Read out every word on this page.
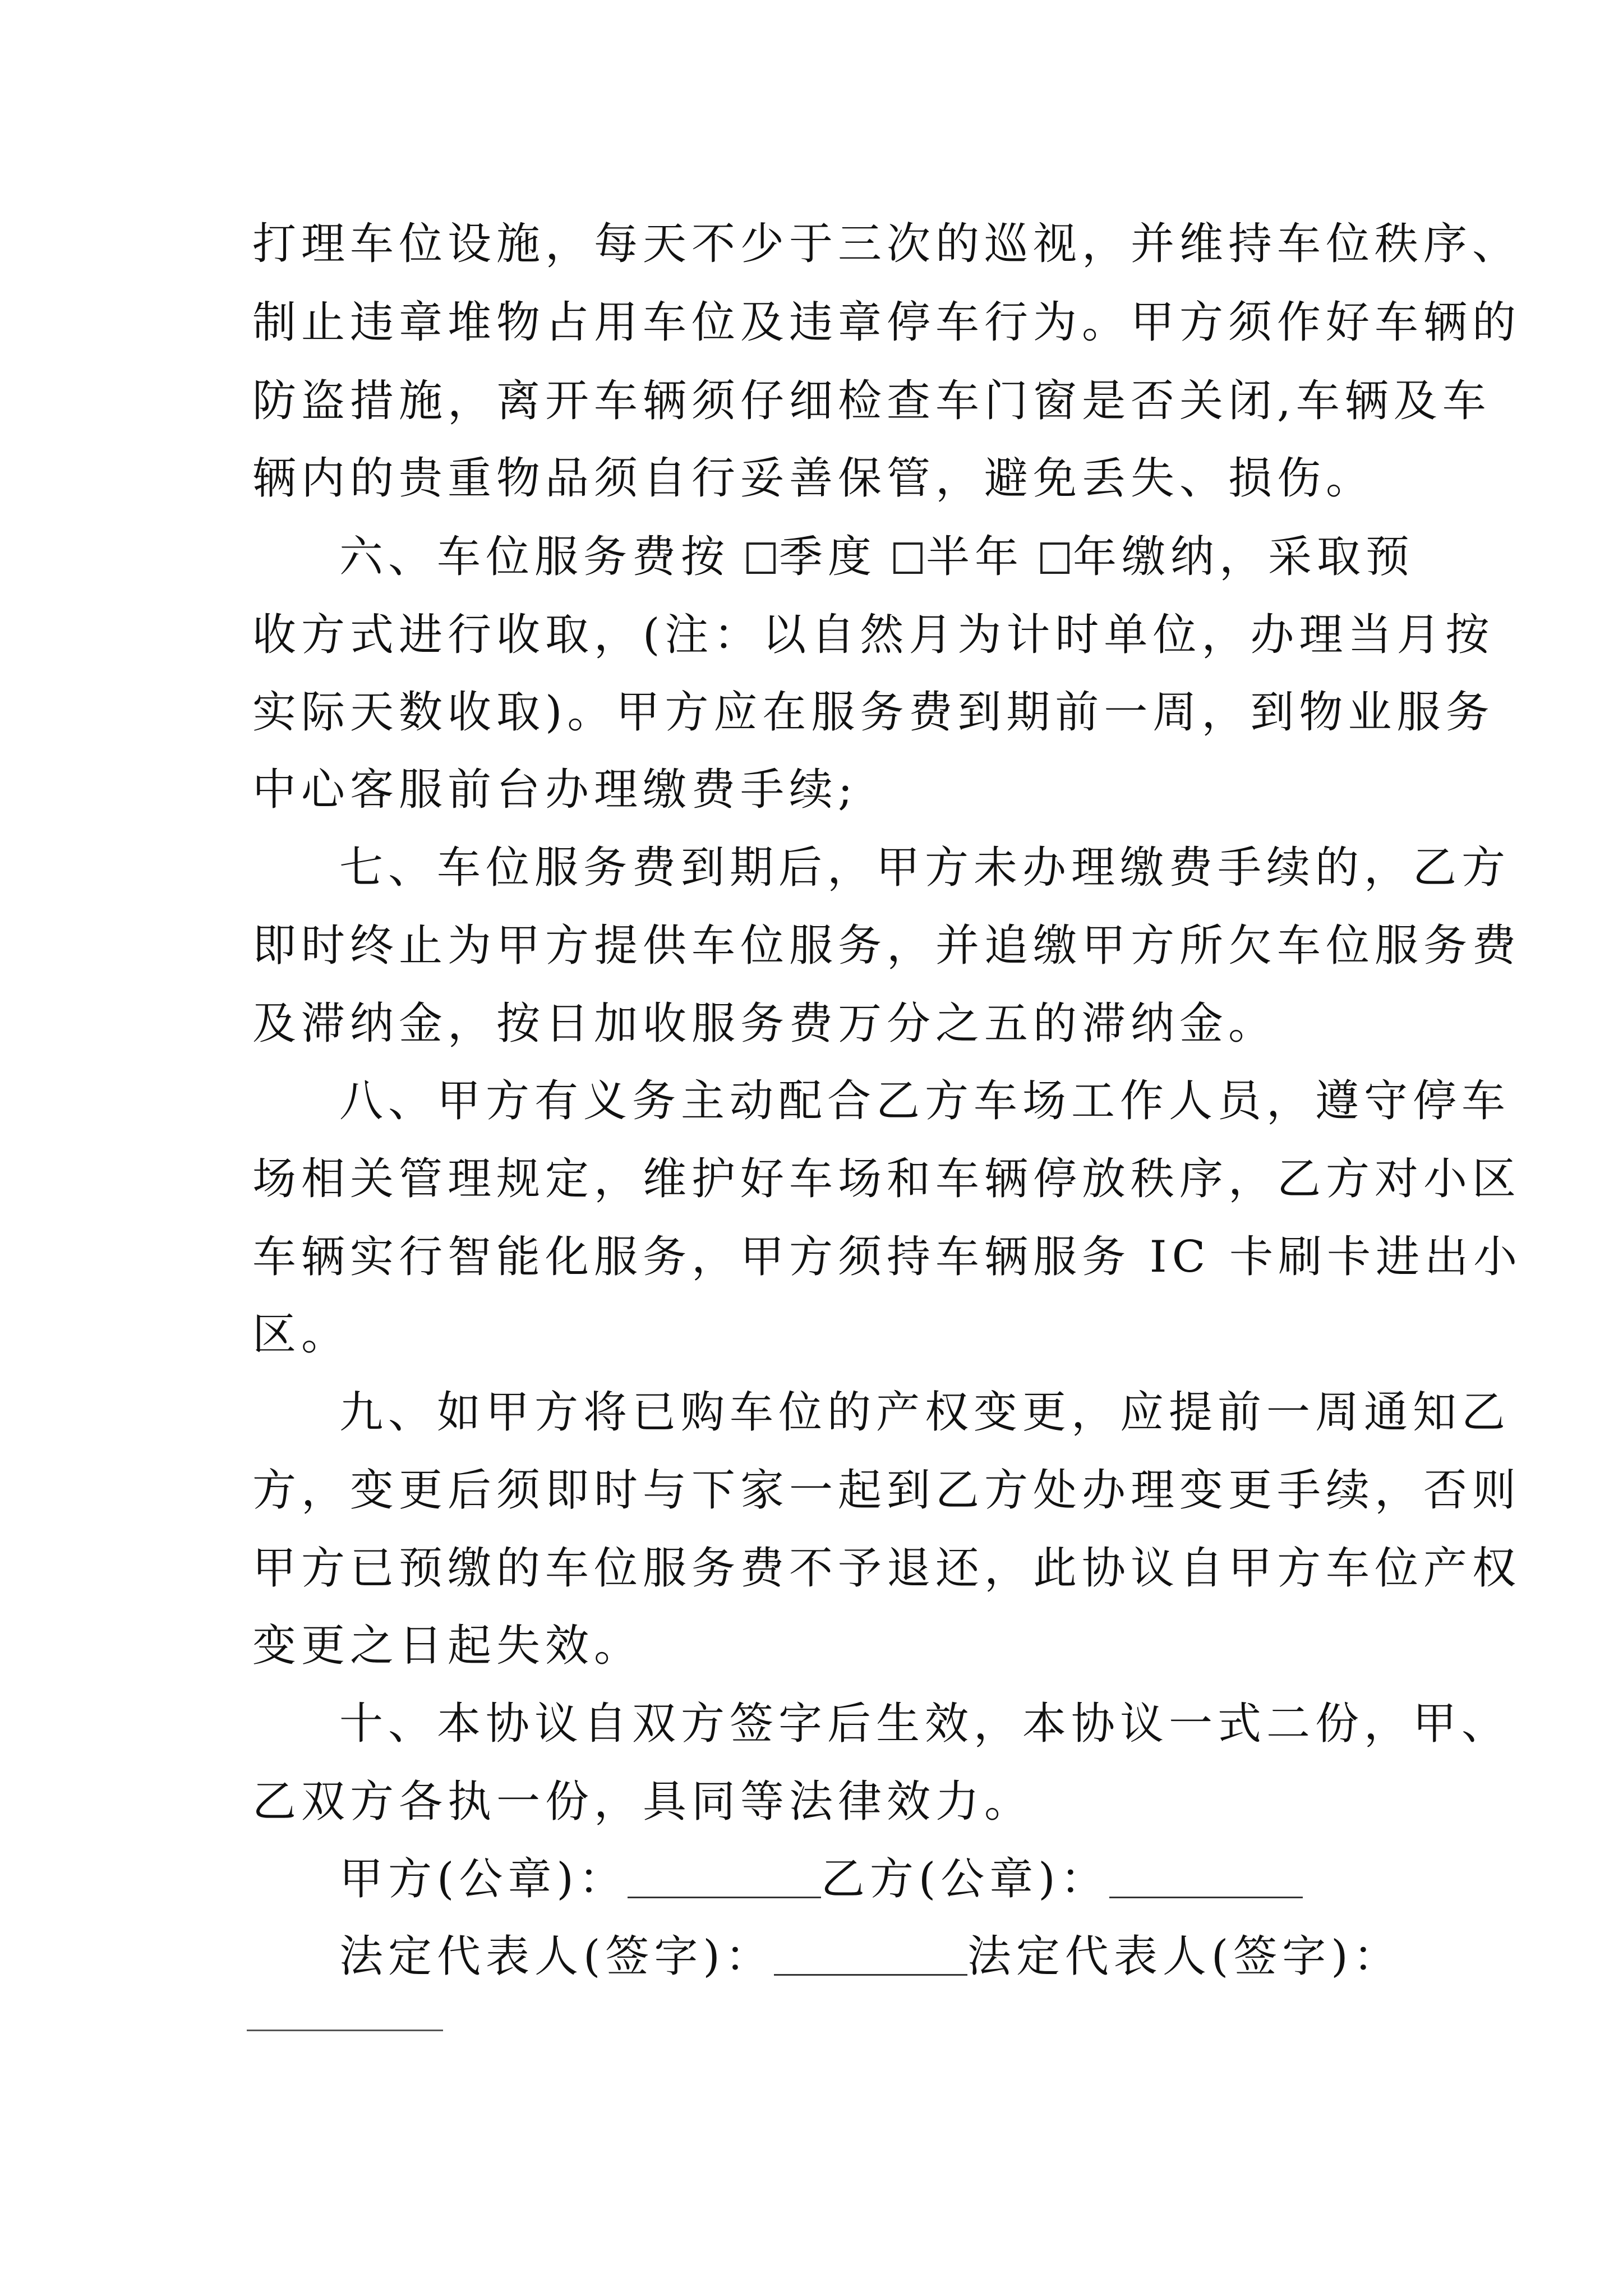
打理车位设施，每天不少于三次的巡视，并维持车位秩序、
制止违章堆物占用车位及违章停车行为。甲方须作好车辆的
防盗措施，离开车辆须仔细检查车门窗是否关闭,车辆及车
辆内的贵重物品须自行妥善保管，避免丢失、损伤。
六、车位服务费按 季度 半年 年缴纳，采取预
收方式进行收取，(注：以自然月为计时单位，办理当月按
实际天数收取)。甲方应在服务费到期前一周，到物业服务
中心客服前台办理缴费手续;
七、车位服务费到期后，甲方未办理缴费手续的，乙方
即时终止为甲方提供车位服务，并追缴甲方所欠车位服务费
及滞纳金，按日加收服务费万分之五的滞纳金。
八、甲方有义务主动配合乙方车场工作人员，遵守停车
场相关管理规定，维护好车场和车辆停放秩序，乙方对小区
车辆实行智能化服务，甲方须持车辆服务 IC 卡刷卡进出小
区。
九、如甲方将已购车位的产权变更，应提前一周通知乙
方，变更后须即时与下家一起到乙方处办理变更手续，否则
甲方已预缴的车位服务费不予退还，此协议自甲方车位产权
变更之日起失效。
十、本协议自双方签字后生效，本协议一式二份，甲、
乙双方各执一份，具同等法律效力。
甲方(公章)：	乙方(公章)：
法定代表人(签字)：	法定代表人(签字)：
